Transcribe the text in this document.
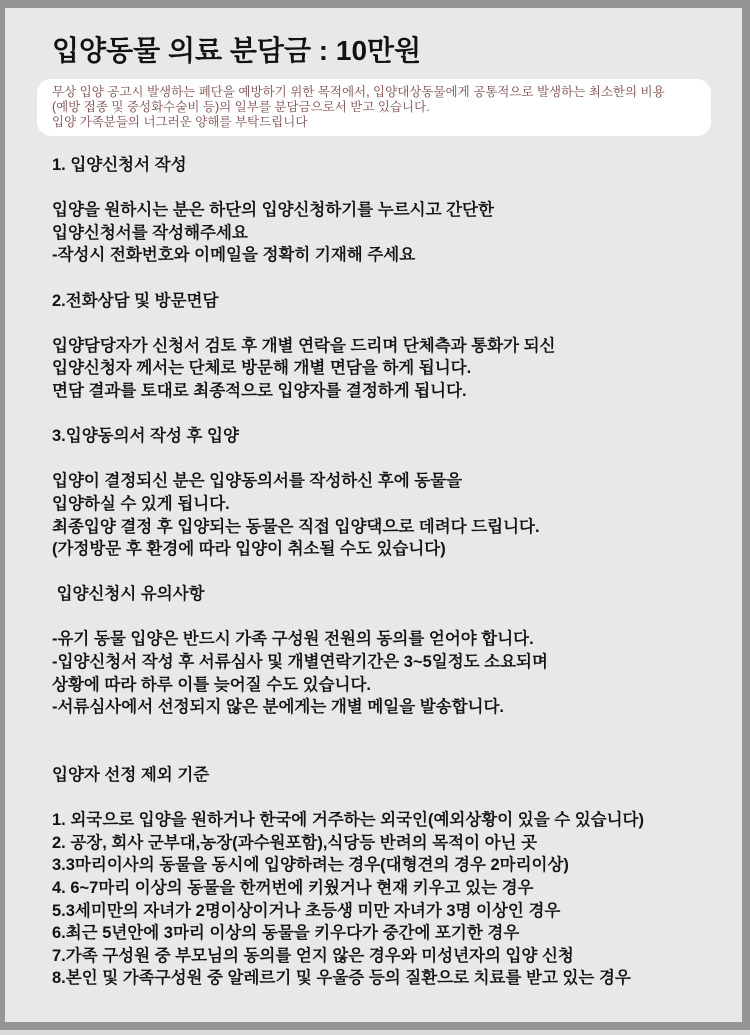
입양동물 의료 분담금 : 10만원
무상 입양 공고시 발생하는 폐단을 예방하기 위한 목적에서, 입양대상동물에게 공통적으로 발생하는 최소한의 비용
(예방 접종 및 중성화수술비 등)의 일부를 분담금으로서 받고 있습니다.
입양 가족분들의 너그러운 양해를 부탁드립니다
1. 입양신청서 작성
입양을 원하시는 분은 하단의 입양신청하기를 누르시고 간단한
입양신청서를 작성해주세요
-작성시 전화번호와 이메일을 정확히 기재해 주세요
2.전화상담 및 방문면담
입양담당자가 신청서 검토 후 개별 연락을 드리며 단체측과 통화가 되신
입양신청자 께서는 단체로 방문해 개별 면담을 하게 됩니다.
면담 결과를 토대로 최종적으로 입양자를 결정하게 됩니다.
3.입양동의서 작성 후 입양
입양이 결정되신 분은 입양동의서를 작성하신 후에 동물을
입양하실 수 있게 됩니다.
최종입양 결정 후 입양되는 동물은 직접 입양댁으로 데려다 드립니다.
(가정방문 후 환경에 따라 입양이 취소될 수도 있습니다)
입양신청시 유의사항
-유기 동물 입양은 반드시 가족 구성원 전원의 동의를 얻어야 합니다.
-입양신청서 작성 후 서류심사 및 개별연락기간은 3~5일정도 소요되며
상황에 따라 하루 이틀 늦어질 수도 있습니다.
-서류심사에서 선정되지 않은 분에게는 개별 메일을 발송합니다.
입양자 선정 제외 기준
1. 외국으로 입양을 원하거나 한국에 거주하는 외국인(예외상황이 있을 수 있습니다)
2. 공장, 회사 군부대,농장(과수원포함),식당등 반려의 목적이 아닌 곳
3.3마리이사의 동물을 동시에 입양하려는 경우(대형견의 경우 2마리이상)
4. 6~7마리 이상의 동물을 한꺼번에 키웠거나 현재 키우고 있는 경우
5.3세미만의 자녀가 2명이상이거나 초등생 미만 자녀가 3명 이상인 경우
6.최근 5년안에 3마리 이상의 동물을 키우다가 중간에 포기한 경우
7.가족 구성원 중 부모님의 동의를 얻지 않은 경우와 미성년자의 입양 신청
8.본인 및 가족구성원 중 알레르기 및 우울증 등의 질환으로 치료를 받고 있는 경우
